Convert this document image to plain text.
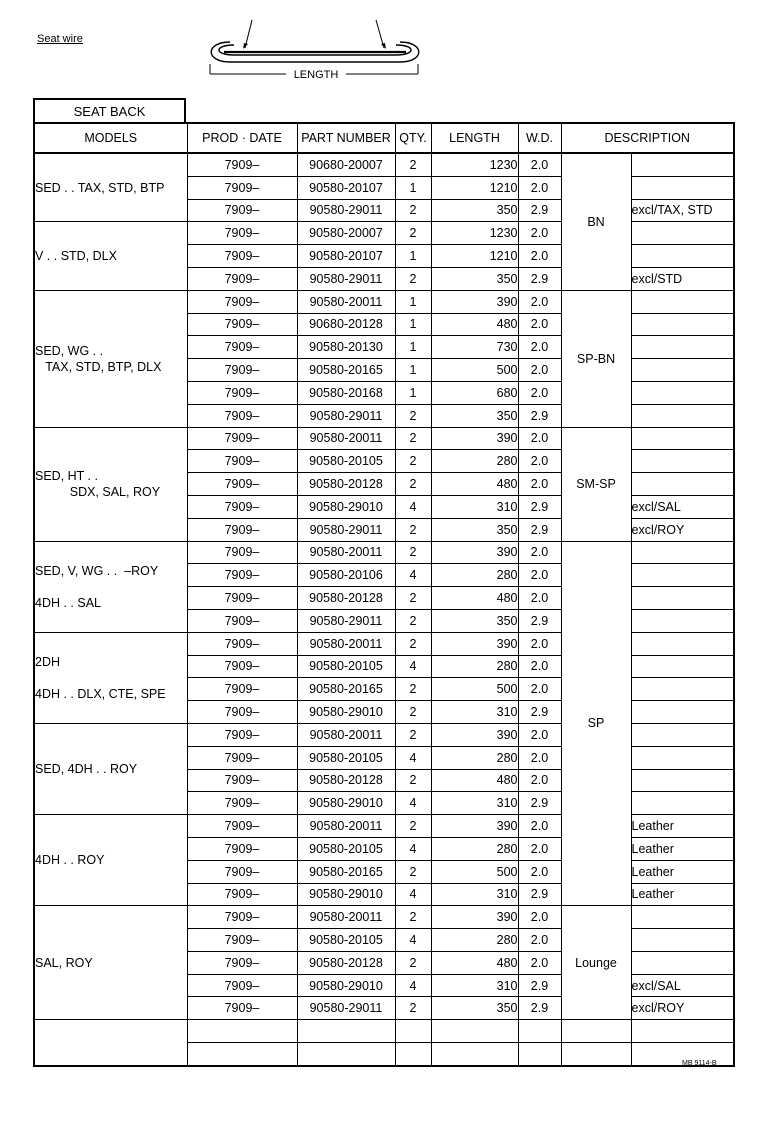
Seat wire
LENGTH
SEAT BACK
MODELS	PROD · DATE	PART NUMBER	QTY.	LENGTH	W.D.	DESCRIPTION	
SED . . TAX, STD, BTP	7909–	90680-20007	2	1230	2.0	BN	
	7909–	90580-20107	1	1210	2.0		
	7909–	90580-29011	2	350	2.9		excl/TAX, STD
V . . STD, DLX	7909–	90580-20007	2	1230	2.0		
	7909–	90580-20107	1	1210	2.0		
	7909–	90580-29011	2	350	2.9		excl/STD
SED, WG . .
TAX, STD, BTP, DLX	7909–	90580-20011	1	390	2.0	SP-BN	
	7909–	90680-20128	1	480	2.0		
	7909–	90580-20130	1	730	2.0		
	7909–	90580-20165	1	500	2.0		
	7909–	90580-20168	1	680	2.0		
	7909–	90580-29011	2	350	2.9		
SED, HT . .
SDX, SAL, ROY	7909–	90580-20011	2	390	2.0	SM-SP	
	7909–	90580-20105	2	280	2.0		
	7909–	90580-20128	2	480	2.0		
	7909–	90580-29010	4	310	2.9		excl/SAL
	7909–	90580-29011	2	350	2.9		excl/ROY
SED, V, WG . .  –ROY

4DH . . SAL	7909–	90580-20011	2	390	2.0	SP	
	7909–	90580-20106	4	280	2.0		
	7909–	90580-20128	2	480	2.0		
	7909–	90580-29011	2	350	2.9		
2DH

4DH . . DLX, CTE, SPE	7909–	90580-20011	2	390	2.0		
	7909–	90580-20105	4	280	2.0		
	7909–	90580-20165	2	500	2.0		
	7909–	90580-29010	2	310	2.9		
SED, 4DH . . ROY	7909–	90580-20011	2	390	2.0		
	7909–	90580-20105	4	280	2.0		
	7909–	90580-20128	2	480	2.0		
	7909–	90580-29010	4	310	2.9		
4DH . . ROY	7909–	90580-20011	2	390	2.0		Leather
	7909–	90580-20105	4	280	2.0		Leather
	7909–	90580-20165	2	500	2.0		Leather
	7909–	90580-29010	4	310	2.9		Leather
SAL, ROY	7909–	90580-20011	2	390	2.0	Lounge	
	7909–	90580-20105	4	280	2.0		
	7909–	90580-20128	2	480	2.0		
	7909–	90580-29010	4	310	2.9		excl/SAL
	7909–	90580-29011	2	350	2.9		excl/ROY

MB 9114-B
